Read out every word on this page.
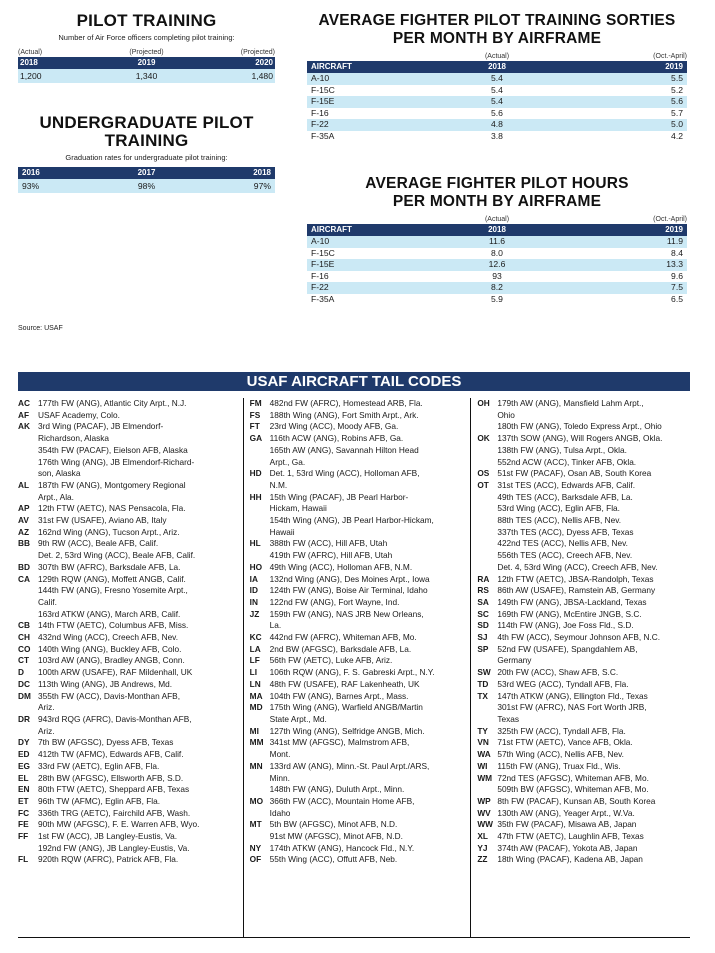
PILOT TRAINING
Number of Air Force officers completing pilot training:
(Actual)	(Projected)	(Projected)
2018	2019	2020
1,200	1,340	1,480
UNDERGRADUATE PILOT
TRAINING
Graduation rates for undergraduate pilot training:
2016	2017	2018
93%	98%	97%
Source: USAF
AVERAGE FIGHTER PILOT TRAINING SORTIES
PER MONTH BY AIRFRAME
(Actual)	(Oct.-April)
AIRCRAFT	2018	2019
A-10	5.4	5.5
F-15C	5.4	5.2
F-15E	5.4	5.6
F-16	5.6	5.7
F-22	4.8	5.0
F-35A	3.8	4.2
AVERAGE FIGHTER PILOT HOURS
PER MONTH BY AIRFRAME
(Actual)	(Oct.-April)
AIRCRAFT	2018	2019
A-10	11.6	11.9
F-15C	8.0	8.4
F-15E	12.6	13.3
F-16	93	9.6
F-22	8.2	7.5
F-35A	5.9	6.5
USAF AIRCRAFT TAIL CODES
AC 177th FW (ANG), Atlantic City Arpt., N.J.
AF	USAF Academy, Colo.
AK 3rd Wing (PACAF), JB Elmendorf-
Richardson, Alaska
354th FW (PACAF), Eielson AFB, Alaska
176th Wing (ANG), JB Elmendorf-Richard-
son, Alaska
AL	187th FW (ANG), Montgomery Regional
Arpt., Ala.
AP	12th FTW (AETC), NAS Pensacola, Fla.
AV	31st FW (USAFE), Aviano AB, Italy
AZ	162nd Wing (ANG), Tucson Arpt., Ariz.
BB 9th RW (ACC), Beale AFB, Calif.
Det. 2, 53rd Wing (ACC), Beale AFB, Calif.
BD 307th BW (AFRC), Barksdale AFB, La.
CA 129th RQW (ANG), Moffett ANGB, Calif.
144th FW (ANG), Fresno Yosemite Arpt.,
Calif.
163rd ATKW (ANG), March ARB, Calif.
CB 14th FTW (AETC), Columbus AFB, Miss.
CH 432nd Wing (ACC), Creech AFB, Nev.
CO 140th Wing (ANG), Buckley AFB, Colo.
CT	103rd AW (ANG), Bradley ANGB, Conn.
D	100th ARW (USAFE), RAF Mildenhall, UK
DC 113th Wing (ANG), JB Andrews, Md.
DM 355th FW (ACC), Davis-Monthan AFB,
Ariz.
DR 943rd RQG (AFRC), Davis-Monthan AFB,
Ariz.
DY	7th BW (AFGSC), Dyess AFB, Texas
ED	412th TW (AFMC), Edwards AFB, Calif.
EG 33rd FW (AETC), Eglin AFB, Fla.
EL	28th BW (AFGSC), Ellsworth AFB, S.D.
EN	80th FTW (AETC), Sheppard AFB, Texas
ET	96th TW (AFMC), Eglin AFB, Fla.
FC	336th TRG (AETC), Fairchild AFB, Wash.
FE	90th MW (AFGSC), F. E. Warren AFB, Wyo.
FF	1st FW (ACC), JB Langley-Eustis, Va.
192nd FW (ANG), JB Langley-Eustis, Va.
FL	920th RQW (AFRC), Patrick AFB, Fla.
FM 482nd FW (AFRC), Homestead ARB, Fla.
FS	188th Wing (ANG), Fort Smith Arpt., Ark.
FT	23rd Wing (ACC), Moody AFB, Ga.
GA 116th ACW (ANG), Robins AFB, Ga.
165th AW (ANG), Savannah Hilton Head
Arpt., Ga.
HD Det. 1, 53rd Wing (ACC), Holloman AFB,
N.M.
HH 15th Wing (PACAF), JB Pearl Harbor-
Hickam, Hawaii
154th Wing (ANG), JB Pearl Harbor-Hickam,
Hawaii
HL	388th FW (ACC), Hill AFB, Utah
419th FW (AFRC), Hill AFB, Utah
HO 49th Wing (ACC), Holloman AFB, N.M.
IA	132nd Wing (ANG), Des Moines Arpt., Iowa
ID	124th FW (ANG), Boise Air Terminal, Idaho
IN	122nd FW (ANG), Fort Wayne, Ind.
JZ	159th FW (ANG), NAS JRB New Orleans,
La.
KC 442nd FW (AFRC), Whiteman AFB, Mo.
LA	2nd BW (AFGSC), Barksdale AFB, La.
LF	56th FW (AETC), Luke AFB, Ariz.
LI	106th RQW (ANG), F. S. Gabreski Arpt., N.Y.
LN	48th FW (USAFE), RAF Lakenheath, UK
MA 104th FW (ANG), Barnes Arpt., Mass.
MD 175th Wing (ANG), Warfield ANGB/Martin
State Arpt., Md.
MI	127th Wing (ANG), Selfridge ANGB, Mich.
MM 341st MW (AFGSC), Malmstrom AFB,
Mont.
MN 133rd AW (ANG), Minn.-St. Paul Arpt./ARS,
Minn.
148th FW (ANG), Duluth Arpt., Minn.
MO 366th FW (ACC), Mountain Home AFB,
Idaho
MT 5th BW (AFGSC), Minot AFB, N.D.
91st MW (AFGSC), Minot AFB, N.D.
NY	174th ATKW (ANG), Hancock Fld., N.Y.
OF	55th Wing (ACC), Offutt AFB, Neb.
OH 179th AW (ANG), Mansfield Lahm Arpt.,
Ohio
180th FW (ANG), Toledo Express Arpt., Ohio
OK 137th SOW (ANG), Will Rogers ANGB, Okla.
138th FW (ANG), Tulsa Arpt., Okla.
552nd ACW (ACC), Tinker AFB, Okla.
OS 51st FW (PACAF), Osan AB, South Korea
OT	31st TES (ACC), Edwards AFB, Calif.
49th TES (ACC), Barksdale AFB, La.
53rd Wing (ACC), Eglin AFB, Fla.
88th TES (ACC), Nellis AFB, Nev.
337th TES (ACC), Dyess AFB, Texas
422nd TES (ACC), Nellis AFB, Nev.
556th TES (ACC), Creech AFB, Nev.
Det. 4, 53rd Wing (ACC), Creech AFB, Nev.
RA 12th FTW (AETC), JBSA-Randolph, Texas
RS	86th AW (USAFE), Ramstein AB, Germany
SA	149th FW (ANG), JBSA-Lackland, Texas
SC	169th FW (ANG), McEntire JNGB, S.C.
SD	114th FW (ANG), Joe Foss Fld., S.D.
SJ	4th FW (ACC), Seymour Johnson AFB, N.C.
SP	52nd FW (USAFE), Spangdahlem AB,
Germany
SW 20th FW (ACC), Shaw AFB, S.C.
TD	53rd WEG (ACC), Tyndall AFB, Fla.
TX	147th ATKW (ANG), Ellington Fld., Texas
301st FW (AFRC), NAS Fort Worth JRB,
Texas
TY	325th FW (ACC), Tyndall AFB, Fla.
VN	71st FTW (AETC), Vance AFB, Okla.
WA 57th Wing (ACC), Nellis AFB, Nev.
WI	115th FW (ANG), Truax Fld., Wis.
WM 72nd TES (AFGSC), Whiteman AFB, Mo.
509th BW (AFGSC), Whiteman AFB, Mo.
WP 8th FW (PACAF), Kunsan AB, South Korea
WV 130th AW (ANG), Yeager Arpt., W.Va.
WW 35th FW (PACAF), Misawa AB, Japan
XL	47th FTW (AETC), Laughlin AFB, Texas
YJ	374th AW (PACAF), Yokota AB, Japan
ZZ	18th Wing (PACAF), Kadena AB, Japan
